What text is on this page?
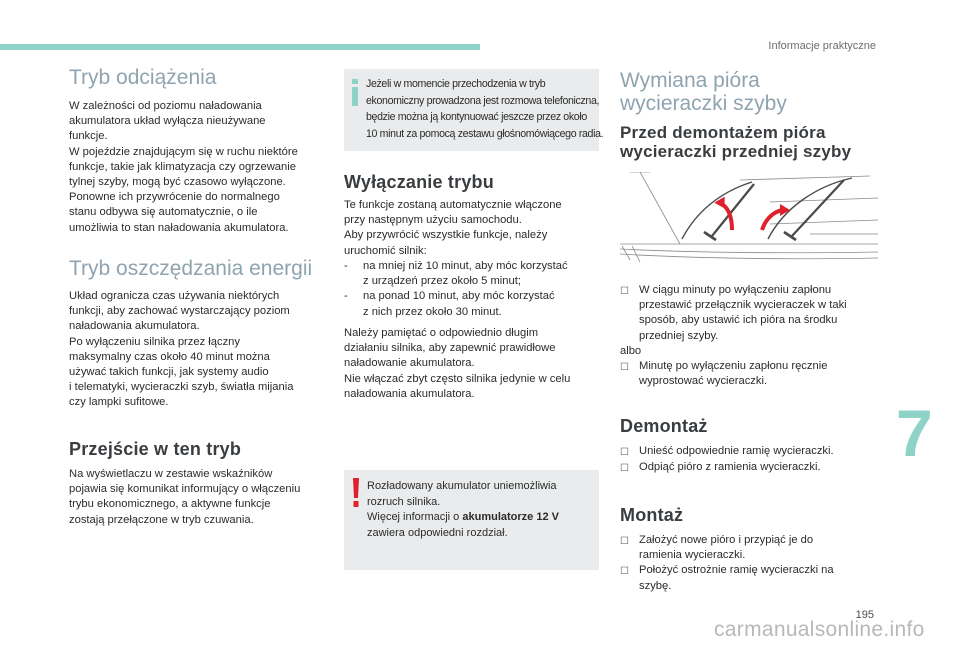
Informacje praktyczne
Tryb odciążenia
W zależności od poziomu naładowania
akumulatora układ wyłącza nieużywane
funkcje.
W pojeździe znajdującym się w ruchu niektóre
funkcje, takie jak klimatyzacja czy ogrzewanie
tylnej szyby, mogą być czasowo wyłączone.
Ponowne ich przywrócenie do normalnego
stanu odbywa się automatycznie, o ile
umożliwia to stan naładowania akumulatora.
Tryb oszczędzania energii
Układ ogranicza czas używania niektórych
funkcji, aby zachować wystarczający poziom
naładowania akumulatora.
Po wyłączeniu silnika przez łączny
maksymalny czas około 40 minut można
używać takich funkcji, jak systemy audio
i telematyki, wycieraczki szyb, światła mijania
czy lampki sufitowe.
Przejście w ten tryb
Na wyświetlaczu w zestawie wskaźników
pojawia się komunikat informujący o włączeniu
trybu ekonomicznego, a aktywne funkcje
zostają przełączone w tryb czuwania.
Jeżeli w momencie przechodzenia w tryb
ekonomiczny prowadzona jest rozmowa telefoniczna,
będzie można ją kontynuować jeszcze przez około
10 minut za pomocą zestawu głośnomówiącego radia.
Wyłączanie trybu
Te funkcje zostaną automatycznie włączone
przy następnym użyciu samochodu.
Aby przywrócić wszystkie funkcje, należy
uruchomić silnik:
-	na mniej niż 10 minut, aby móc korzystać
z urządzeń przez około 5 minut;
-	na ponad 10 minut, aby móc korzystać
z nich przez około 30 minut.
Należy pamiętać o odpowiednio długim
działaniu silnika, aby zapewnić prawidłowe
naładowanie akumulatora.
Nie włączać zbyt często silnika jedynie w celu
naładowania akumulatora.
Rozładowany akumulator uniemożliwia
rozruch silnika.
Więcej informacji o akumulatorze 12 V
zawiera odpowiedni rozdział.
Wymiana pióra
wycieraczki szyby
Przed demontażem pióra
wycieraczki przedniej szyby
☐ W ciągu minuty po wyłączeniu zapłonu
przestawić przełącznik wycieraczek w taki
sposób, aby ustawić ich pióra na środku
przedniej szyby.
albo
☐ Minutę po wyłączeniu zapłonu ręcznie
wyprostować wycieraczki.
Demontaż
☐ Unieść odpowiednie ramię wycieraczki.
☐ Odpiąć pióro z ramienia wycieraczki.
Montaż
☐ Założyć nowe pióro i przypiąć je do
ramienia wycieraczki.
☐ Położyć ostrożnie ramię wycieraczki na
szybę.
7
195
carmanualsonline.info
